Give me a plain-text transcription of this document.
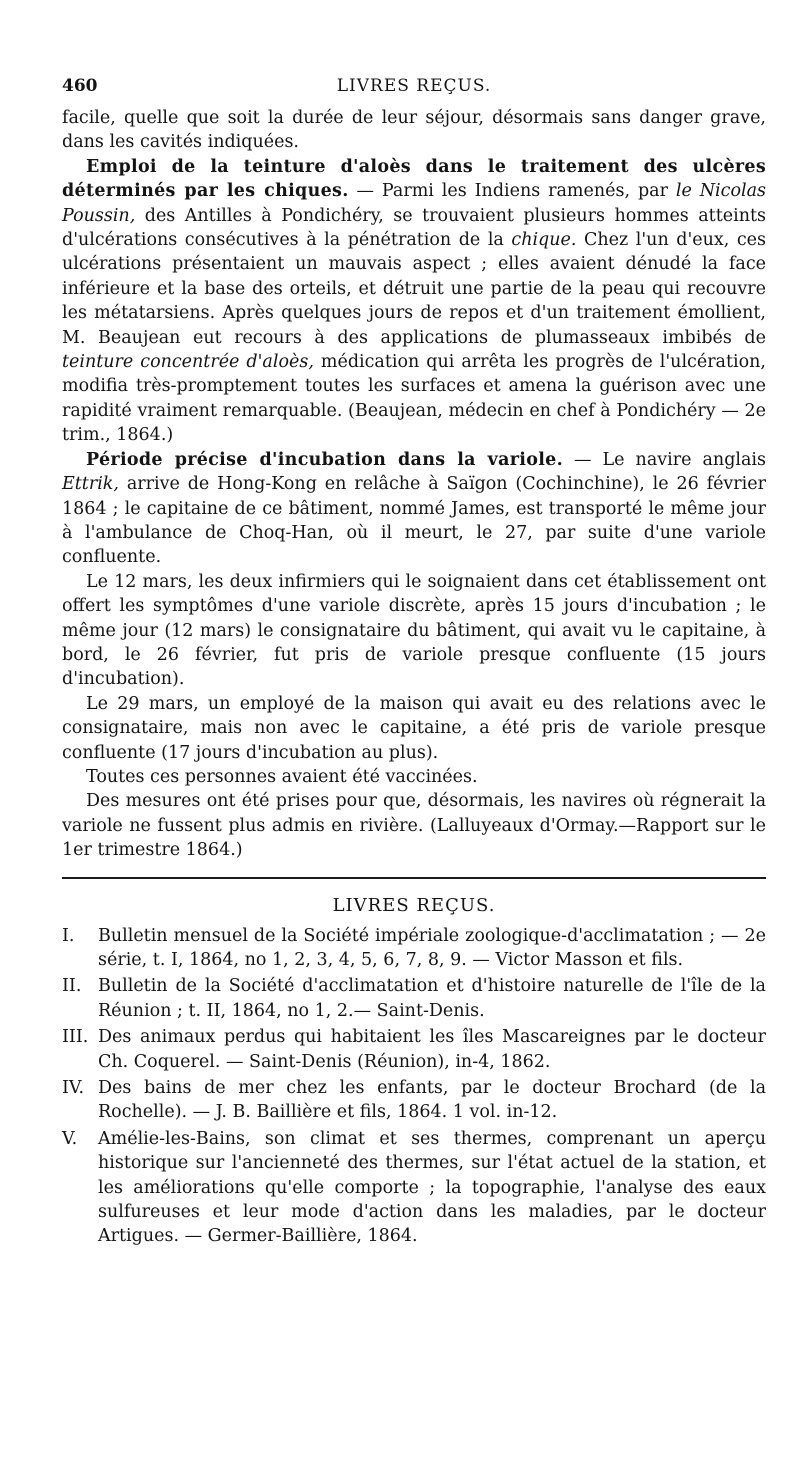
460	LIVRES REÇUS.

facile, quelle que soit la durée de leur séjour, désormais sans danger grave, dans les cavités indiquées.

Emploi de la teinture d'aloès dans le traitement des ulcères déterminés par les chiques. — Parmi les Indiens ramenés, par le Nicolas Poussin, des Antilles à Pondichéry, se trouvaient plusieurs hommes atteints d'ulcérations consécutives à la pénétration de la chique. Chez l'un d'eux, ces ulcérations présentaient un mauvais aspect ; elles avaient dénudé la face inférieure et la base des orteils, et détruit une partie de la peau qui recouvre les métatarsiens. Après quelques jours de repos et d'un traitement émollient, M. Beaujean eut recours à des applications de plumasseaux imbibés de teinture concentrée d'aloès, médication qui arrêta les progrès de l'ulcération, modifia très-promptement toutes les surfaces et amena la guérison avec une rapidité vraiment remarquable. (Beaujean, médecin en chef à Pondichéry — 2e trim., 1864.)

Période précise d'incubation dans la variole. — Le navire anglais Ettrik, arrive de Hong-Kong en relâche à Saïgon (Cochinchine), le 26 février 1864 ; le capitaine de ce bâtiment, nommé James, est transporté le même jour à l'ambulance de Choq-Han, où il meurt, le 27, par suite d'une variole confluente.

Le 12 mars, les deux infirmiers qui le soignaient dans cet établissement ont offert les symptômes d'une variole discrète, après 15 jours d'incubation ; le même jour (12 mars) le consignataire du bâtiment, qui avait vu le capitaine, à bord, le 26 février, fut pris de variole presque confluente (15 jours d'incubation).

Le 29 mars, un employé de la maison qui avait eu des relations avec le consignataire, mais non avec le capitaine, a été pris de variole presque confluente (17 jours d'incubation au plus).

Toutes ces personnes avaient été vaccinées.

Des mesures ont été prises pour que, désormais, les navires où régnerait la variole ne fussent plus admis en rivière. (Lalluyeaux d'Ormay.—Rapport sur le 1er trimestre 1864.)

LIVRES REÇUS.
I.	Bulletin mensuel de la Société impériale zoologique-d'acclimatation ; — 2e série, t. I, 1864, no 1, 2, 3, 4, 5, 6, 7, 8, 9. — Victor Masson et fils.
II. Bulletin de la Société d'acclimatation et d'histoire naturelle de l'île de la Réunion ; t. II, 1864, no 1, 2.— Saint-Denis.
III. Des animaux perdus qui habitaient les îles Mascareignes par le docteur Ch. Coquerel. — Saint-Denis (Réunion), in-4, 1862.
IV. Des bains de mer chez les enfants, par le docteur Brochard (de la Rochelle). — J. B. Baillière et fils, 1864. 1 vol. in-12.
V.	Amélie-les-Bains, son climat et ses thermes, comprenant un aperçu historique sur l'ancienneté des thermes, sur l'état actuel de la station, et les améliorations qu'elle comporte ; la topographie, l'analyse des eaux sulfureuses et leur mode d'action dans les maladies, par le docteur Artigues. — Germer-Baillière, 1864.
